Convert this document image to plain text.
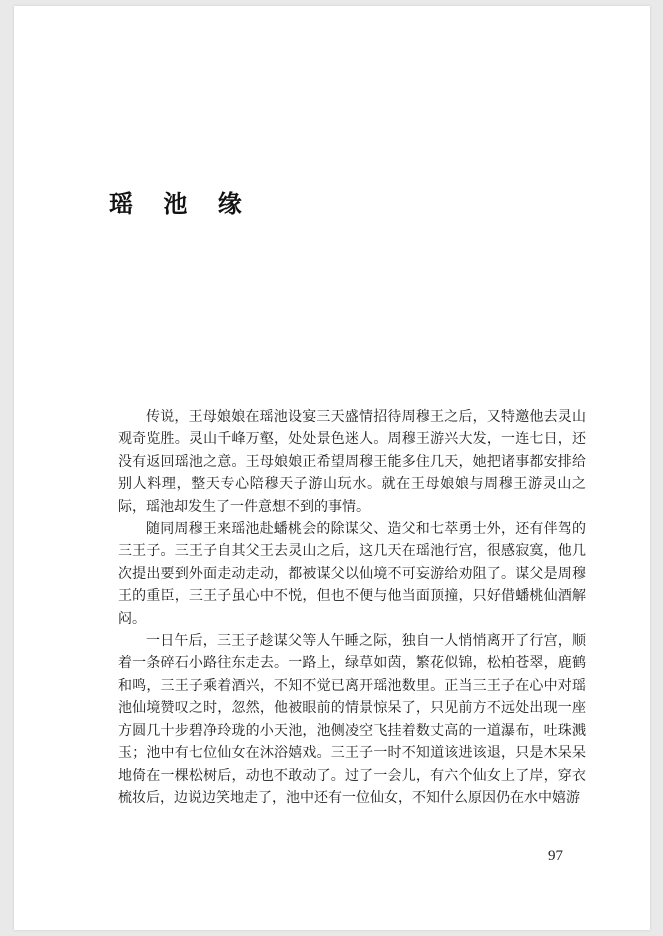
瑶 池 缘

传说，王母娘娘在瑶池设宴三天盛情招待周穆王之后，又特邀他去灵山观奇览胜。灵山千峰万壑，处处景色迷人。周穆王游兴大发，一连七日，还没有返回瑶池之意。王母娘娘正希望周穆王能多住几天，她把诸事都安排给别人料理，整天专心陪穆天子游山玩水。就在王母娘娘与周穆王游灵山之际，瑶池却发生了一件意想不到的事情。

随同周穆王来瑶池赴蟠桃会的除谋父、造父和七萃勇士外，还有伴驾的三王子。三王子自其父王去灵山之后，这几天在瑶池行宫，很感寂寞，他几次提出要到外面走动走动，都被谋父以仙境不可妄游给劝阻了。谋父是周穆王的重臣，三王子虽心中不悦，但也不便与他当面顶撞，只好借蟠桃仙酒解闷。

一日午后，三王子趁谋父等人午睡之际，独自一人悄悄离开了行宫，顺着一条碎石小路往东走去。一路上，绿草如茵，繁花似锦，松柏苍翠，鹿鹤和鸣，三王子乘着酒兴，不知不觉已离开瑶池数里。正当三王子在心中对瑶池仙境赞叹之时，忽然，他被眼前的情景惊呆了，只见前方不远处出现一座方圆几十步碧净玲珑的小天池，池侧凌空飞挂着数丈高的一道瀑布，吐珠溅玉；池中有七位仙女在沐浴嬉戏。三王子一时不知道该进该退，只是木呆呆地倚在一棵松树后，动也不敢动了。过了一会儿，有六个仙女上了岸，穿衣梳妆后，边说边笑地走了，池中还有一位仙女，不知什么原因仍在水中嬉游

97
